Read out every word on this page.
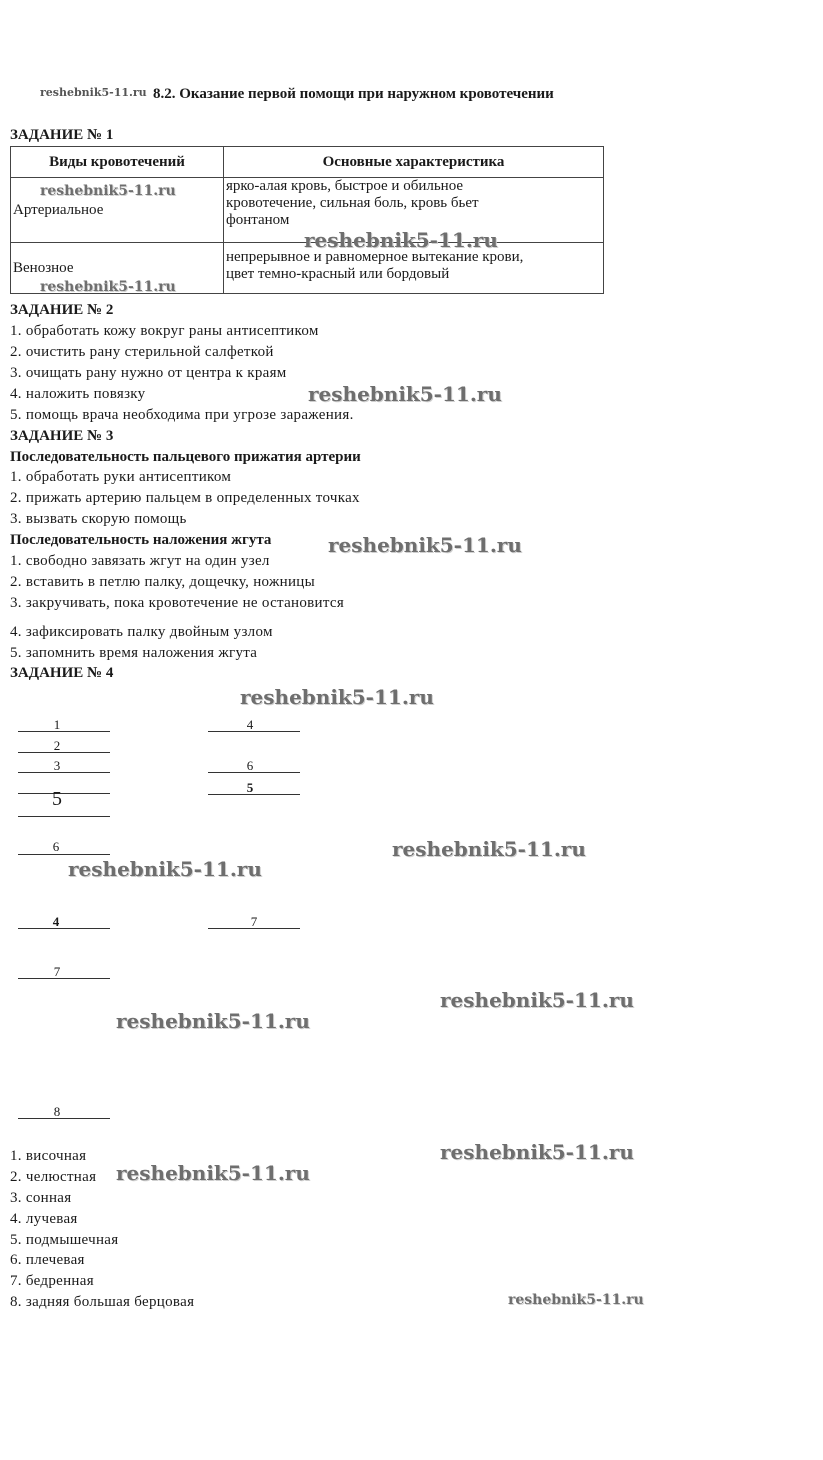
reshebnik5-11.ru 8.2. Оказание первой помощи при наружном кровотечении
ЗАДАНИЕ № 1
Виды кровотечений	Основные характеристика
Артериальное	ярко-алая кровь, быстрое и обильное
кровотечение, сильная боль, кровь бьет
фонтаном

Венозное	непрерывное и равномерное вытекание крови,
цвет темно-красный или бордовый
ЗАДАНИЕ № 2
1. обработать кожу вокруг раны антисептиком
2. очистить рану стерильной салфеткой
3. очищать рану нужно от центра к краям
4. наложить повязку
5. помощь врача необходима при угрозе заражения.
ЗАДАНИЕ № 3
Последовательность пальцевого прижатия артерии
1. обработать руки антисептиком
2. прижать артерию пальцем в определенных точках
3. вызвать скорую помощь
Последовательность наложения жгута
1. свободно завязать жгут на один узел
2. вставить в петлю палку, дощечку, ножницы
3. закручивать, пока кровотечение не остановится
4. зафиксировать палку двойным узлом
5. запомнить время наложения жгута
ЗАДАНИЕ № 4
1
2
3
5
4
6
5
6
4	7
7
8
1. височная
2. челюстная
3. сонная
4. лучевая
5. подмышечная
6. плечевая
7. бедренная
8. задняя большая берцовая
reshebnik5-11.ru
reshebnik5-11.ru
reshebnik5-11.ru
reshebnik5-11.ru
reshebnik5-11.ru
reshebnik5-11.ru
reshebnik5-11.ru
reshebnik5-11.ru
reshebnik5-11.ru
reshebnik5-11.ru
reshebnik5-11.ru
reshebnik5-11.ru
reshebnik5-11.ru
